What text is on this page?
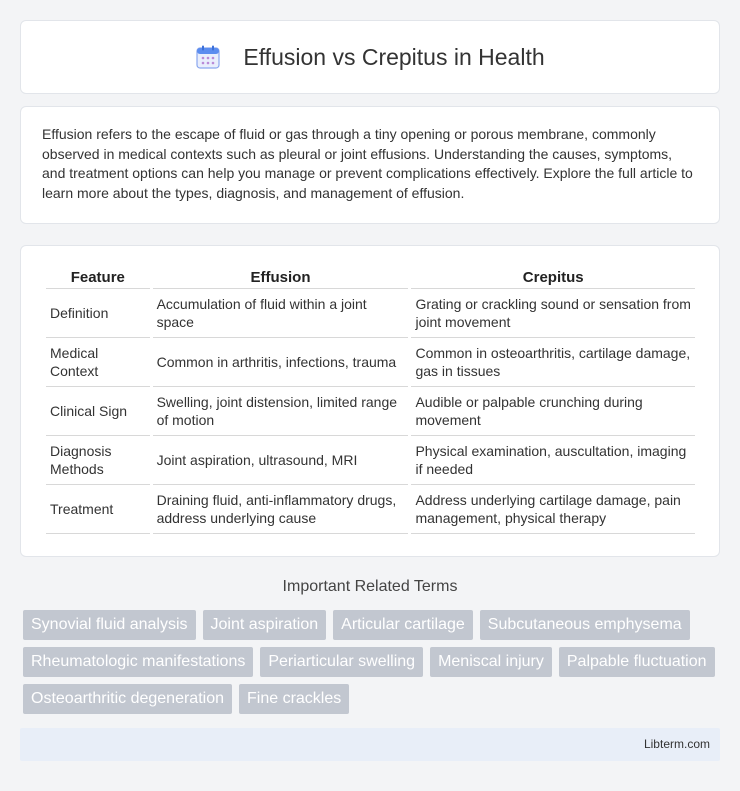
Effusion vs Crepitus in Health

Effusion refers to the escape of fluid or gas through a tiny opening or porous membrane, commonly observed in medical contexts such as pleural or joint effusions. Understanding the causes, symptoms, and treatment options can help you manage or prevent complications effectively. Explore the full article to learn more about the types, diagnosis, and management of effusion.

Feature	Effusion	Crepitus
Definition	Accumulation of fluid within a joint space	Grating or crackling sound or sensation from joint movement
Medical Context	Common in arthritis, infections, trauma	Common in osteoarthritis, cartilage damage, gas in tissues
Clinical Sign	Swelling, joint distension, limited range of motion	Audible or palpable crunching during movement
Diagnosis Methods	Joint aspiration, ultrasound, MRI	Physical examination, auscultation, imaging if needed
Treatment	Draining fluid, anti-inflammatory drugs, address underlying cause	Address underlying cartilage damage, pain management, physical therapy
Important Related Terms
Synovial fluid analysis	Joint aspiration	Articular cartilage	Subcutaneous emphysema
Rheumatologic manifestations	Periarticular swelling	Meniscal injury	Palpable fluctuation
Osteoarthritic degeneration	Fine crackles
Libterm.com
